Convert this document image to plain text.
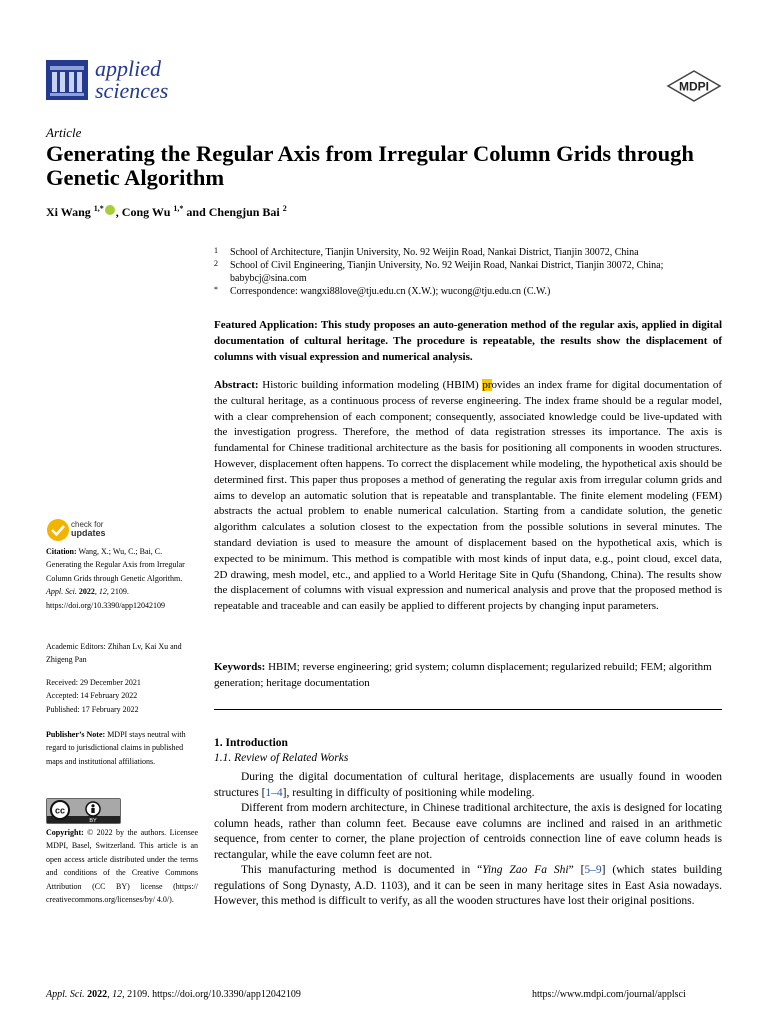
applied
sciences	MDPI
Article
Generating the Regular Axis from Irregular Column Grids through Genetic Algorithm
Xi Wang $^{1,*}$ , Cong Wu $^{1,*}$ and Chengjun Bai $^2$
1	School of Architecture, Tianjin University, No. 92 Weijin Road, Nankai District, Tianjin 30072, China
2	School of Civil Engineering, Tianjin University, No. 92 Weijin Road, Nankai District, Tianjin 30072, China; babybcj@sina.com
*	Correspondence: wangxi88love@tju.edu.cn (X.W.); wucong@tju.edu.cn (C.W.)
Featured Application: This study proposes an auto-generation method of the regular axis, applied in digital documentation of cultural heritage. The procedure is repeatable, the results show the displacement of columns with visual expression and numerical analysis.
Abstract: Historic building information modeling (HBIM) provides an index frame for digital documentation of the cultural heritage, as a continuous process of reverse engineering. The index frame should be a regular model, with a clear comprehension of each component; consequently, associated knowledge could be live-updated with the investigation progress. Therefore, the method of data registration stresses its importance. The axis is fundamental for Chinese traditional architecture as the basis for positioning all components in wooden structures. However, displacement often happens. To correct the displacement while modeling, the hypothetical axis should be determined first. This paper thus proposes a method of generating the regular axis from irregular column grids and aims to develop an automatic solution that is repeatable and transplantable. The finite element modeling (FEM) abstracts the actual problem to enable numerical calculation. Starting from a candidate solution, the genetic algorithm calculates a solution closest to the expectation from the possible solutions in several minutes. The standard deviation is used to measure the amount of displacement based on the hypothetical axis, which is expected to be minimum. This method is compatible with most kinds of input data, e.g., point cloud, excel data, 2D drawing, mesh model, etc., and applied to a World Heritage Site in Qufu (Shandong, China). The results show the displacement of columns with visual expression and numerical analysis and prove that the proposed method is repeatable and traceable and can easily be applied to different projects by changing input parameters.
Keywords: HBIM; reverse engineering; grid system; column displacement; regularized rebuild; FEM; algorithm generation; heritage documentation
1. Introduction
1.1. Review of Related Works

During the digital documentation of cultural heritage, displacements are usually found in wooden structures [1–4], resulting in difficulty of positioning while modeling.

Different from modern architecture, in Chinese traditional architecture, the axis is designed for locating column heads, rather than column feet. Because eave columns are inclined and raised in an arithmetic sequence, from center to corner, the plane projection of centroids connection line of eave column heads is rectangular, while the eave column feet are not.

This manufacturing method is documented in “Ying Zao Fa Shi” [5–9] (which states building regulations of Song Dynasty, A.D. 1103), and it can be seen in many heritage sites in East Asia nowadays. However, this method is difficult to verify, as all the wooden structures have lost their original positions.

check for
updates
Citation: Wang, X.; Wu, C.; Bai, C. Generating the Regular Axis from Irregular Column Grids through Genetic Algorithm. Appl. Sci. 2022, 12, 2109. https://doi.org/10.3390/app12042109
Academic Editors: Zhihan Lv, Kai Xu and Zhigeng Pan
Received: 29 December 2021
Accepted: 14 February 2022
Published: 17 February 2022
Publisher’s Note: MDPI stays neutral with regard to jurisdictional claims in published maps and institutional affiliations.
cc
BY
Copyright: © 2022 by the authors. Licensee MDPI, Basel, Switzerland. This article is an open access article distributed under the terms and conditions of the Creative Commons Attribution (CC BY) license (https:// creativecommons.org/licenses/by/ 4.0/).
Appl. Sci. 2022, 12, 2109. https://doi.org/10.3390/app12042109	https://www.mdpi.com/journal/applsci
